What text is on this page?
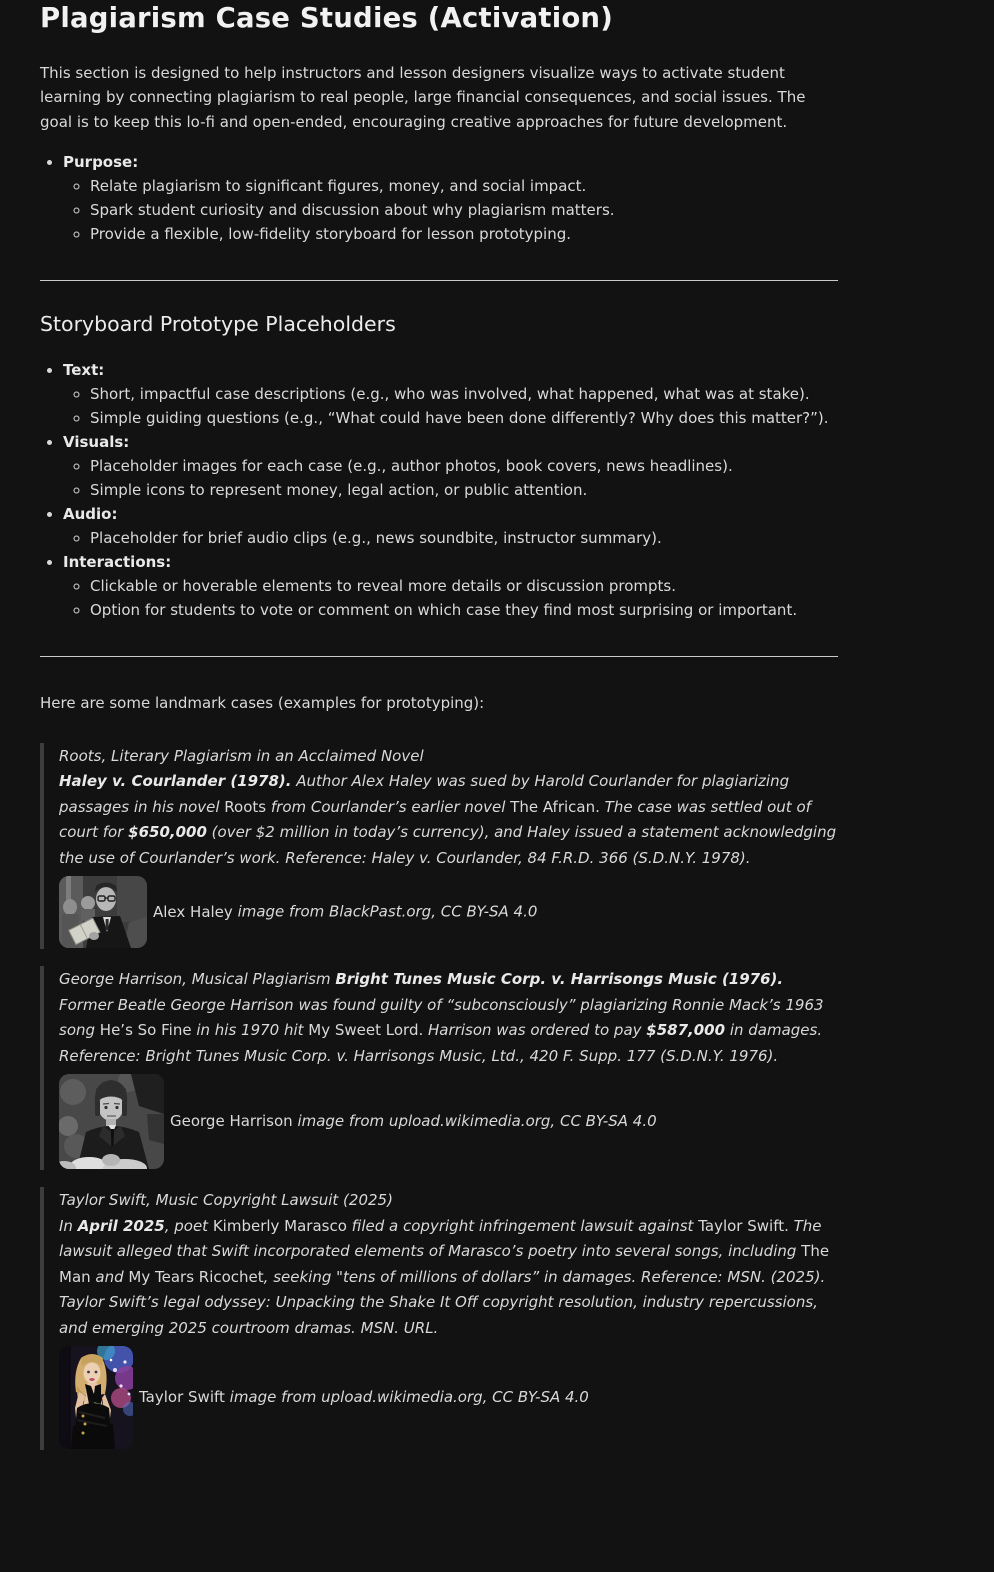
Plagiarism Case Studies (Activation)

This section is designed to help instructors and lesson designers visualize ways to activate student learning by connecting plagiarism to real people, large financial consequences, and social issues. The goal is to keep this lo-fi and open-ended, encouraging creative approaches for future development.

• Purpose:
◦ Relate plagiarism to significant figures, money, and social impact.
◦ Spark student curiosity and discussion about why plagiarism matters.
◦ Provide a flexible, low-fidelity storyboard for lesson prototyping.
Storyboard Prototype Placeholders
• Text:
◦ Short, impactful case descriptions (e.g., who was involved, what happened, what was at stake).
◦ Simple guiding questions (e.g., “What could have been done differently? Why does this matter?”).
• Visuals:
◦ Placeholder images for each case (e.g., author photos, book covers, news headlines).
◦ Simple icons to represent money, legal action, or public attention.
• Audio:
◦ Placeholder for brief audio clips (e.g., news soundbite, instructor summary).
• Interactions:
◦ Clickable or hoverable elements to reveal more details or discussion prompts.
◦ Option for students to vote or comment on which case they find most surprising or important.

Here are some landmark cases (examples for prototyping):

Roots, Literary Plagiarism in an Acclaimed Novel
Haley v. Courlander (1978). Author Alex Haley was sued by Harold Courlander for plagiarizing passages in his novel Roots from Courlander’s earlier novel The African. The case was settled out of court for $650,000 (over $2 million in today’s currency), and Haley issued a statement acknowledging the use of Courlander’s work. Reference: Haley v. Courlander, 84 F.R.D. 366 (S.D.N.Y. 1978).

Alex Haley image from BlackPast.org, CC BY-SA 4.0

George Harrison, Musical Plagiarism Bright Tunes Music Corp. v. Harrisongs Music (1976). Former Beatle George Harrison was found guilty of “subconsciously” plagiarizing Ronnie Mack’s 1963 song He’s So Fine in his 1970 hit My Sweet Lord. Harrison was ordered to pay $587,000 in damages. Reference: Bright Tunes Music Corp. v. Harrisongs Music, Ltd., 420 F. Supp. 177 (S.D.N.Y. 1976).

George Harrison image from upload.wikimedia.org, CC BY-SA 4.0

Taylor Swift, Music Copyright Lawsuit (2025)
In April 2025, poet Kimberly Marasco filed a copyright infringement lawsuit against Taylor Swift. The lawsuit alleged that Swift incorporated elements of Marasco’s poetry into several songs, including The Man and My Tears Ricochet, seeking "tens of millions of dollars” in damages. Reference: MSN. (2025). Taylor Swift’s legal odyssey: Unpacking the Shake It Off copyright resolution, industry repercussions, and emerging 2025 courtroom dramas. MSN. URL.

Taylor Swift image from upload.wikimedia.org, CC BY-SA 4.0
